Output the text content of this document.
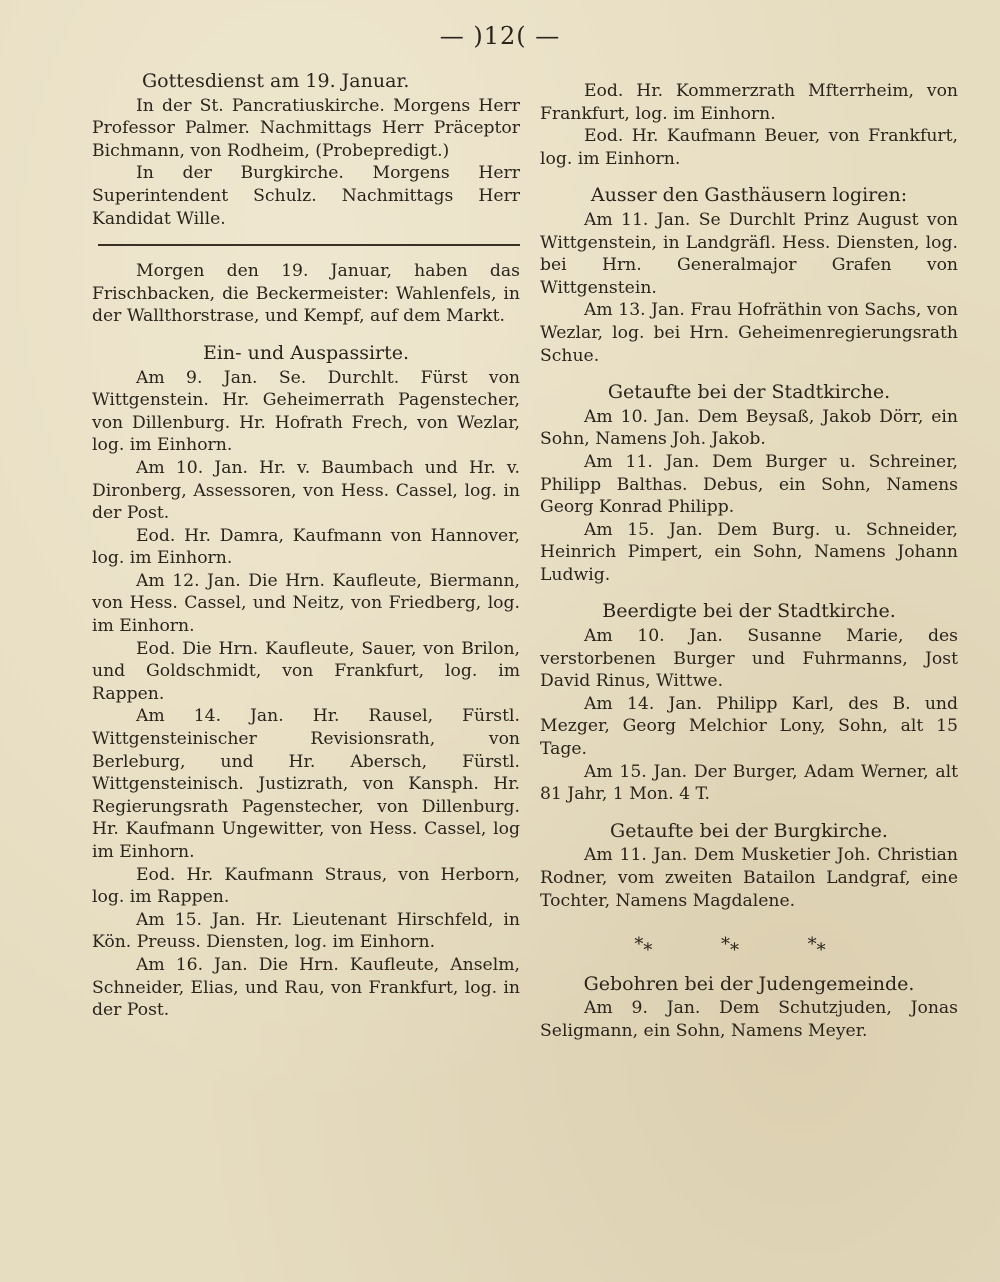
— )12( —
Gottesdienst am 19. Januar.

In der St. Pancratiuskirche. Morgens Herr Professor Palmer. Nachmittags Herr Präceptor Bichmann, von Rodheim, (Probepredigt.)

In der Burgkirche. Morgens Herr Superintendent Schulz. Nachmittags Herr Kandidat Wille.

Morgen den 19. Januar, haben das Frischbacken, die Beckermeister: Wahlenfels, in der Wallthorstrase, und Kempf, auf dem Markt.

Ein- und Auspassirte.

Am 9. Jan. Se. Durchlt. Fürst von Wittgenstein. Hr. Geheimerrath Pagenstecher, von Dillenburg. Hr. Hofrath Frech, von Wezlar, log. im Einhorn.

Am 10. Jan. Hr. v. Baumbach und Hr. v. Dironberg, Assessoren, von Hess. Cassel, log. in der Post.

Eod. Hr. Damra, Kaufmann von Hannover, log. im Einhorn.

Am 12. Jan. Die Hrn. Kaufleute, Biermann, von Hess. Cassel, und Neitz, von Friedberg, log. im Einhorn.

Eod. Die Hrn. Kaufleute, Sauer, von Brilon, und Goldschmidt, von Frankfurt, log. im Rappen.

Am 14. Jan. Hr. Rausel, Fürstl. Wittgensteinischer Revisionsrath, von Berleburg, und Hr. Abersch, Fürstl. Wittgensteinisch. Justizrath, von Kansph. Hr. Regierungsrath Pagenstecher, von Dillenburg. Hr. Kaufmann Ungewitter, von Hess. Cassel, log im Einhorn.

Eod. Hr. Kaufmann Straus, von Herborn, log. im Rappen.

Am 15. Jan. Hr. Lieutenant Hirschfeld, in Kön. Preuss. Diensten, log. im Einhorn.

Am 16. Jan. Die Hrn. Kaufleute, Anselm, Schneider, Elias, und Rau, von Frankfurt, log. in der Post.

Eod. Hr. Kommerzrath Mfterrheim, von Frankfurt, log. im Einhorn.

Eod. Hr. Kaufmann Beuer, von Frankfurt, log. im Einhorn.

Ausser den Gasthäusern logiren:

Am 11. Jan. Se Durchlt Prinz August von Wittgenstein, in Landgräfl. Hess. Diensten, log. bei Hrn. Generalmajor Grafen von Wittgenstein.

Am 13. Jan. Frau Hofräthin von Sachs, von Wezlar, log. bei Hrn. Geheimenregierungsrath Schue.

Getaufte bei der Stadtkirche.

Am 10. Jan. Dem Beysaß, Jakob Dörr, ein Sohn, Namens Joh. Jakob.

Am 11. Jan. Dem Burger u. Schreiner, Philipp Balthas. Debus, ein Sohn, Namens Georg Konrad Philipp.

Am 15. Jan. Dem Burg. u. Schneider, Heinrich Pimpert, ein Sohn, Namens Johann Ludwig.

Beerdigte bei der Stadtkirche.

Am 10. Jan. Susanne Marie, des verstorbenen Burger und Fuhrmanns, Jost David Rinus, Wittwe.

Am 14. Jan. Philipp Karl, des B. und Mezger, Georg Melchior Lony, Sohn, alt 15 Tage.

Am 15. Jan. Der Burger, Adam Werner, alt 81 Jahr, 1 Mon. 4 T.

Getaufte bei der Burgkirche.

Am 11. Jan. Dem Musketier Joh. Christian Rodner, vom zweiten Batailon Landgraf, eine Tochter, Namens Magdalene.

*⁎	*⁎	*⁎
Gebohren bei der Judengemeinde.

Am 9. Jan. Dem Schutzjuden, Jonas Seligmann, ein Sohn, Namens Meyer.
